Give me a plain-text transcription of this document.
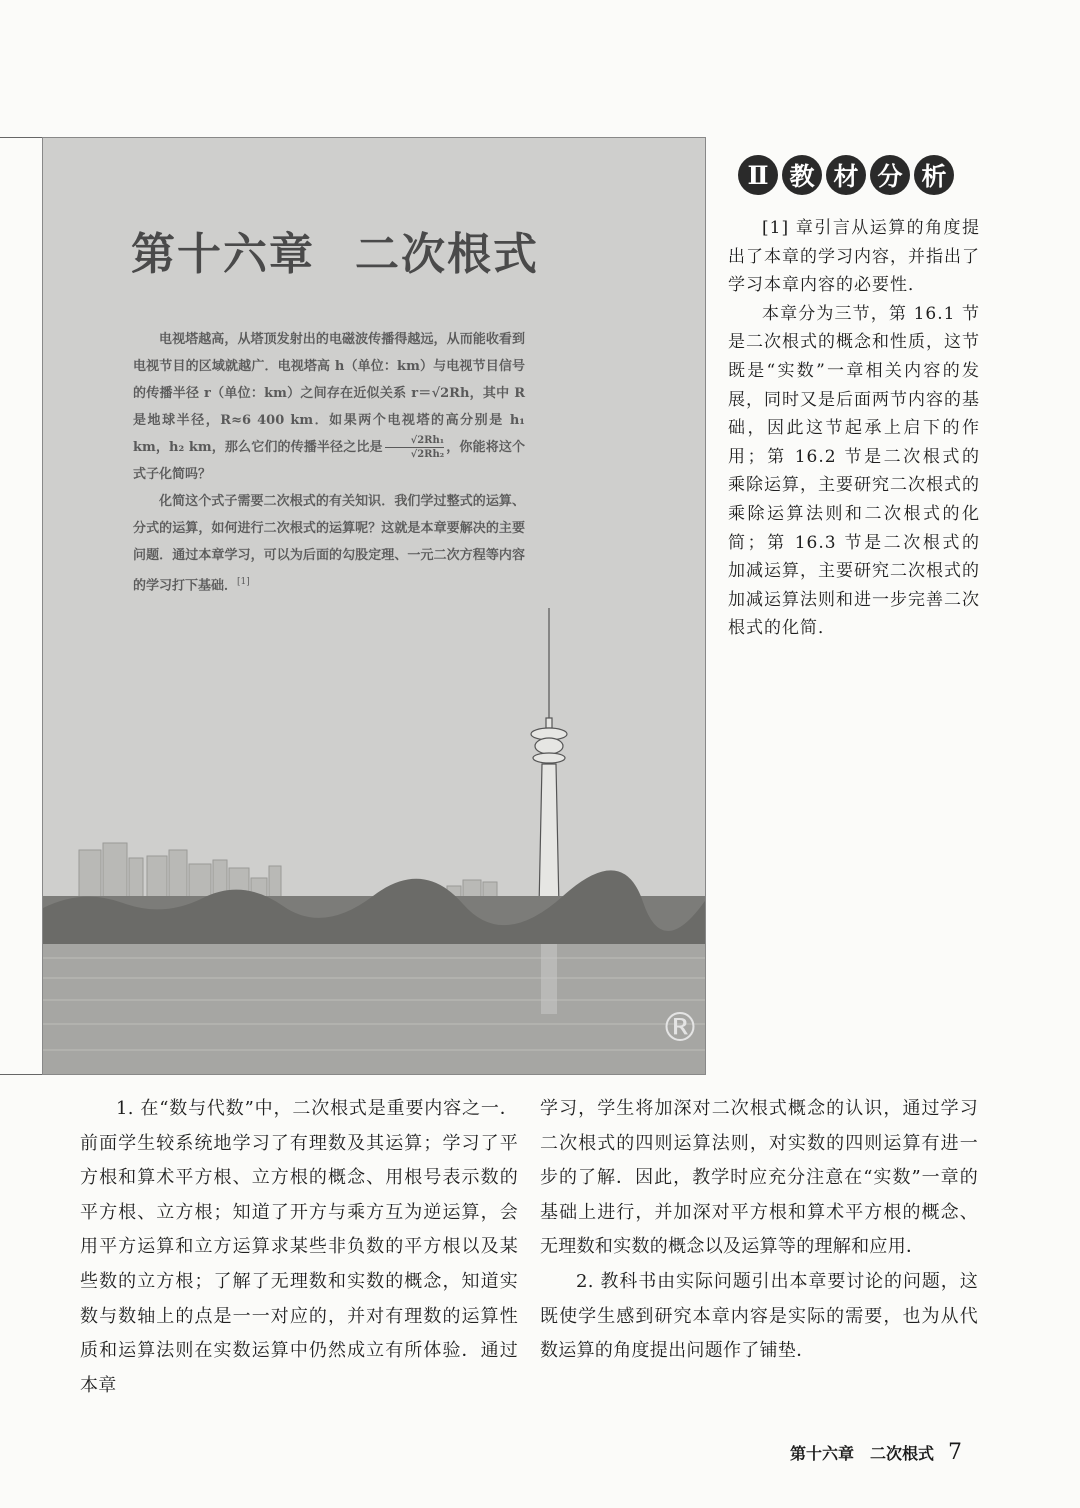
第十六章 二次根式

电视塔越高，从塔顶发射出的电磁波传播得越远，从而能收看到电视节目的区域就越广．电视塔高 h（单位：km）与电视节目信号的传播半径 r（单位：km）之间存在近似关系 r＝√2Rh，其中 R 是地球半径，R≈6 400 km．如果两个电视塔的高分别是 h₁ km，h₂ km，那么它们的传播半径之比是 $\frac{\text{√2Rh₁}}{\text{√2Rh₂}}$ ，你能将这个式子化简吗？

化简这个式子需要二次根式的有关知识．我们学过整式的运算、分式的运算，如何进行二次根式的运算呢？这就是本章要解决的主要问题．通过本章学习，可以为后面的勾股定理、一元二次方程等内容的学习打下基础．[1]

Ⅱ 教 材 分 析

[1] 章引言从运算的角度提出了本章的学习内容，并指出了学习本章内容的必要性．

本章分为三节，第 16.1 节是二次根式的概念和性质，这节既是“实数”一章相关内容的发展，同时又是后面两节内容的基础，因此这节起承上启下的作用；第 16.2 节是二次根式的乘除运算，主要研究二次根式的乘除运算法则和二次根式的化简；第 16.3 节是二次根式的加减运算，主要研究二次根式的加减运算法则和进一步完善二次根式的化简．

®

1. 在“数与代数”中，二次根式是重要内容之一．前面学生较系统地学习了有理数及其运算；学习了平方根和算术平方根、立方根的概念、用根号表示数的平方根、立方根；知道了开方与乘方互为逆运算，会用平方运算和立方运算求某些非负数的平方根以及某些数的立方根；了解了无理数和实数的概念，知道实数与数轴上的点是一一对应的，并对有理数的运算性质和运算法则在实数运算中仍然成立有所体验．通过本章

学习，学生将加深对二次根式概念的认识，通过学习二次根式的四则运算法则，对实数的四则运算有进一步的了解．因此，教学时应充分注意在“实数”一章的基础上进行，并加深对平方根和算术平方根的概念、无理数和实数的概念以及运算等的理解和应用．

2. 教科书由实际问题引出本章要讨论的问题，这既使学生感到研究本章内容是实际的需要，也为从代数运算的角度提出问题作了铺垫．

第十六章　二次根式 7
